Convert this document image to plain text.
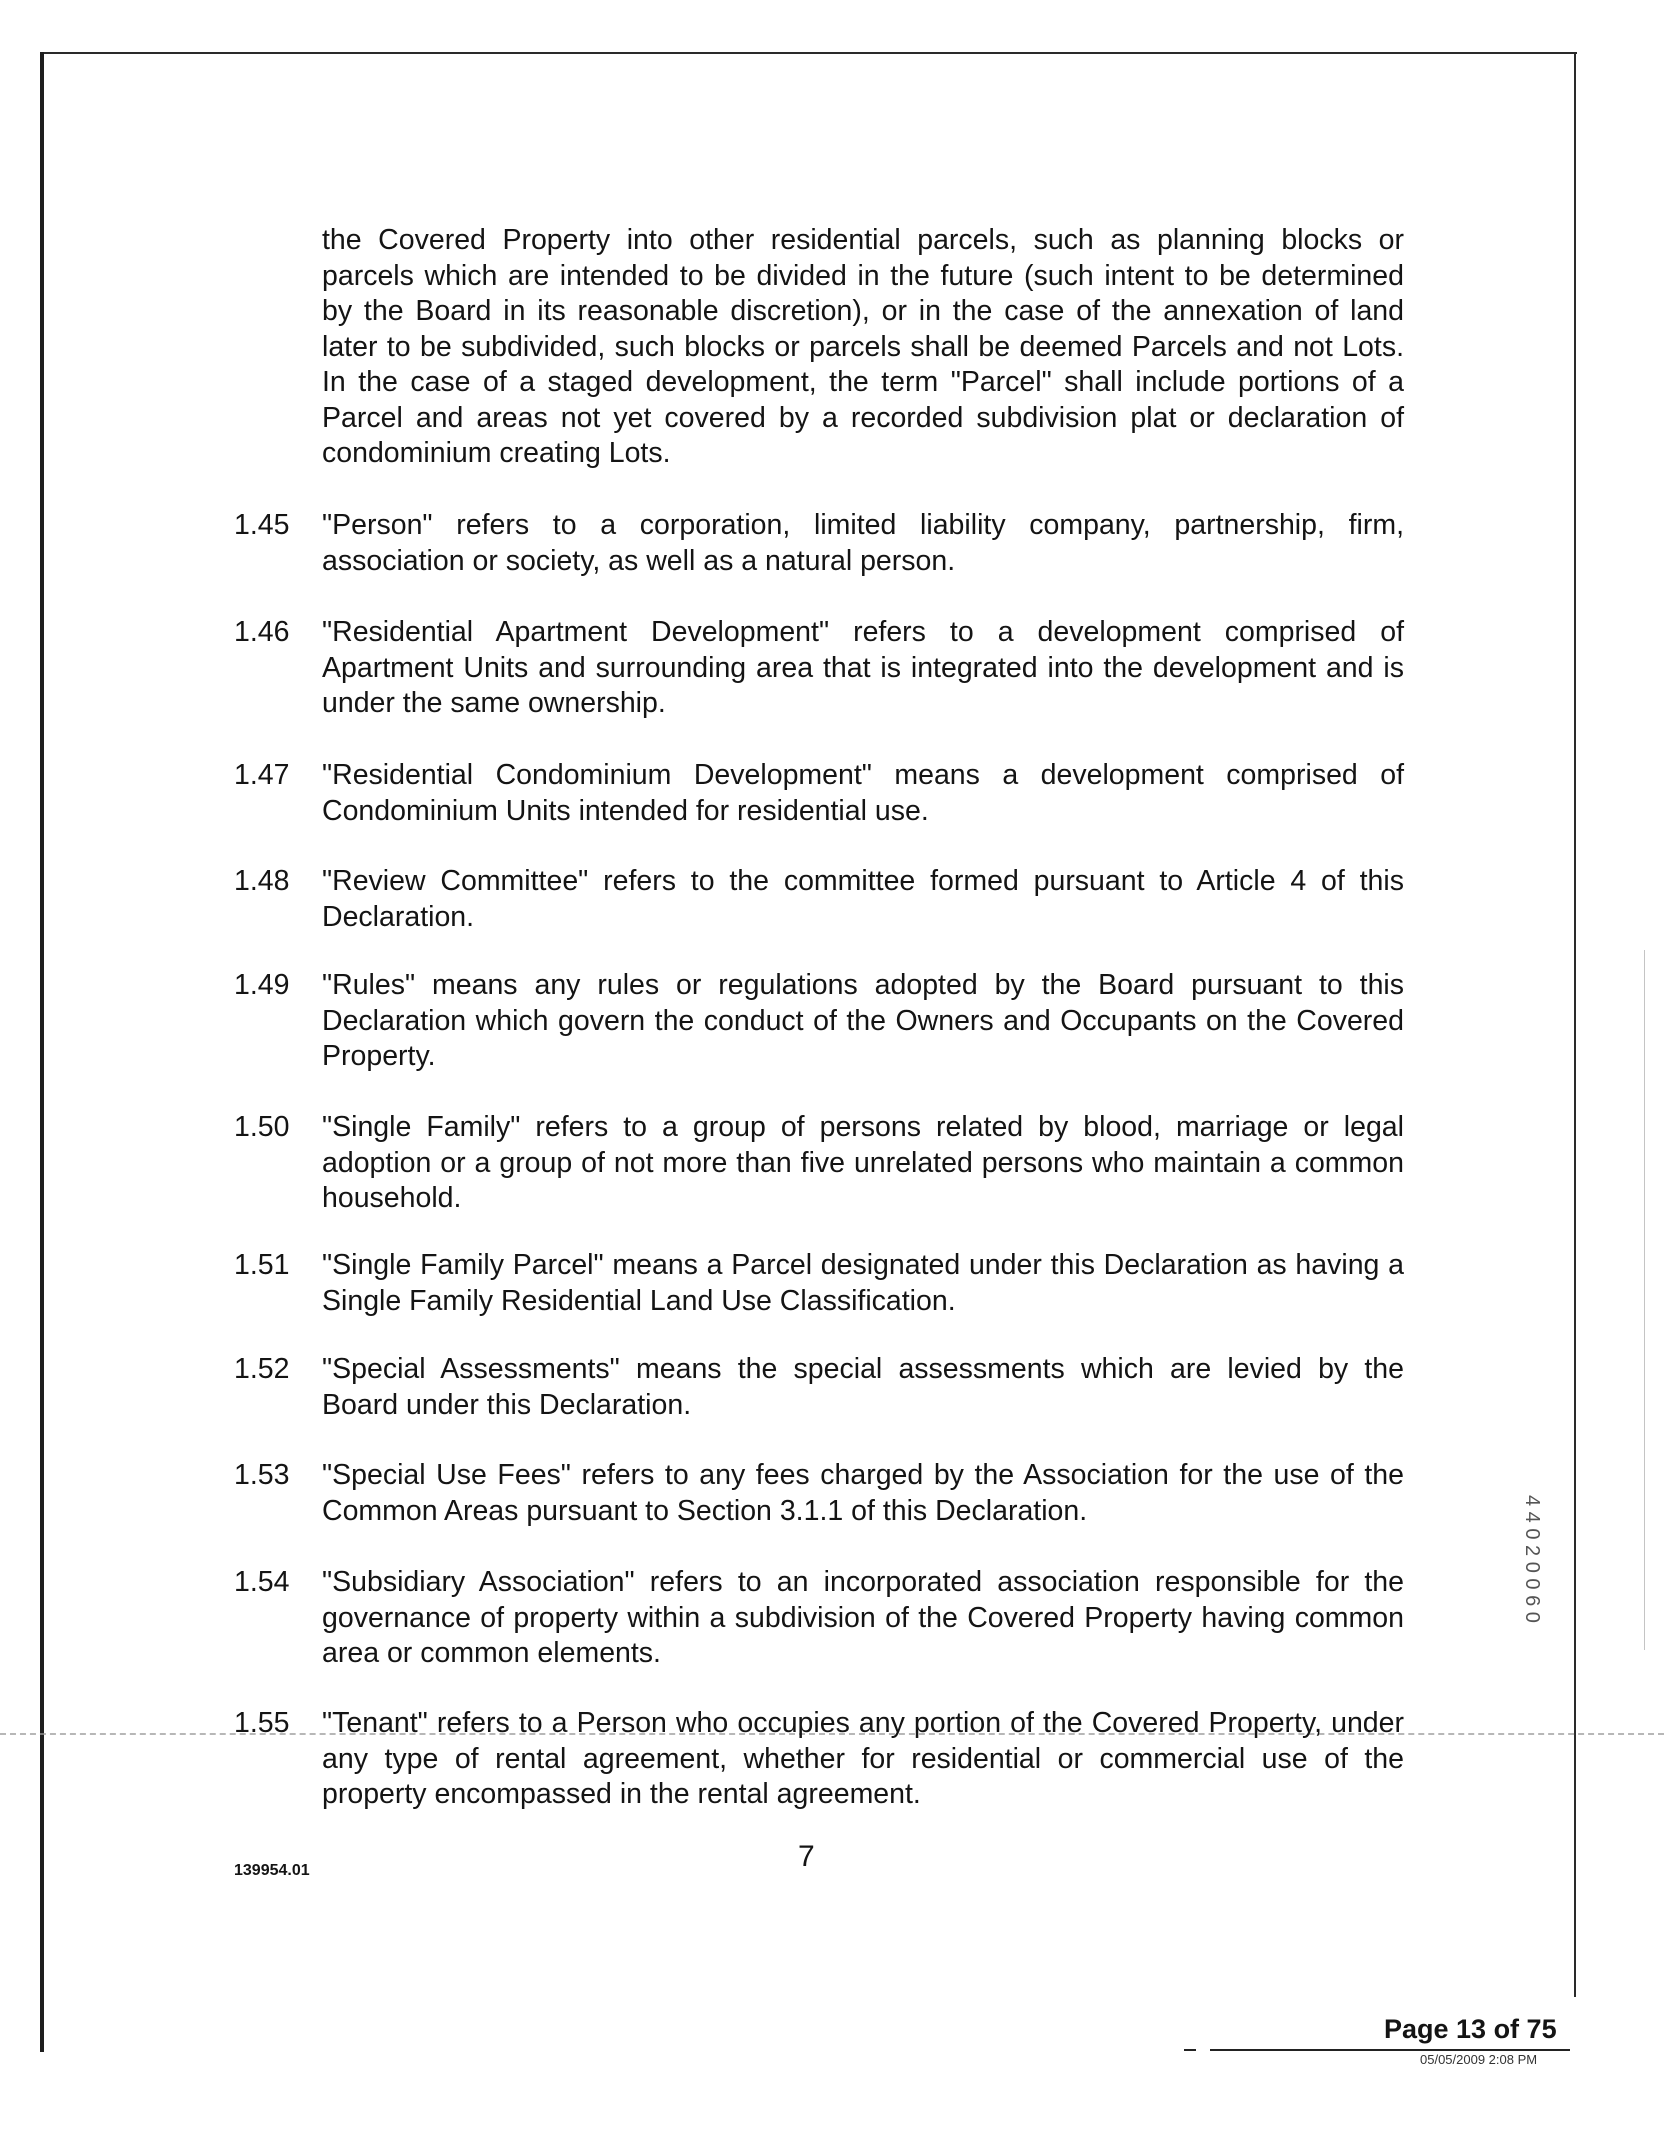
the Covered Property into other residential parcels, such as planning blocks or parcels which are intended to be divided in the future (such intent to be determined by the Board in its reasonable discretion), or in the case of the annexation of land later to be subdivided, such blocks or parcels shall be deemed Parcels and not Lots. In the case of a staged development, the term "Parcel" shall include portions of a Parcel and areas not yet covered by a recorded subdivision plat or declaration of condominium creating Lots.
1.45 "Person" refers to a corporation, limited liability company, partnership, firm, association or society, as well as a natural person.
1.46 "Residential Apartment Development" refers to a development comprised of Apartment Units and surrounding area that is integrated into the development and is under the same ownership.
1.47 "Residential Condominium Development" means a development comprised of Condominium Units intended for residential use.
1.48 "Review Committee" refers to the committee formed pursuant to Article 4 of this Declaration.
1.49 "Rules" means any rules or regulations adopted by the Board pursuant to this Declaration which govern the conduct of the Owners and Occupants on the Covered Property.
1.50 "Single Family" refers to a group of persons related by blood, marriage or legal adoption or a group of not more than five unrelated persons who maintain a common household.
1.51 "Single Family Parcel" means a Parcel designated under this Declaration as having a Single Family Residential Land Use Classification.
1.52 "Special Assessments" means the special assessments which are levied by the Board under this Declaration.
1.53 "Special Use Fees" refers to any fees charged by the Association for the use of the Common Areas pursuant to Section 3.1.1 of this Declaration.
1.54 "Subsidiary Association" refers to an incorporated association responsible for the governance of property within a subdivision of the Covered Property having common area or common elements.
1.55 "Tenant" refers to a Person who occupies any portion of the Covered Property, under any type of rental agreement, whether for residential or commercial use of the property encompassed in the rental agreement.
139954.01	7
4 4 0 2 0 0 6 0
Page 13 of 75
05/05/2009 2:08 PM
